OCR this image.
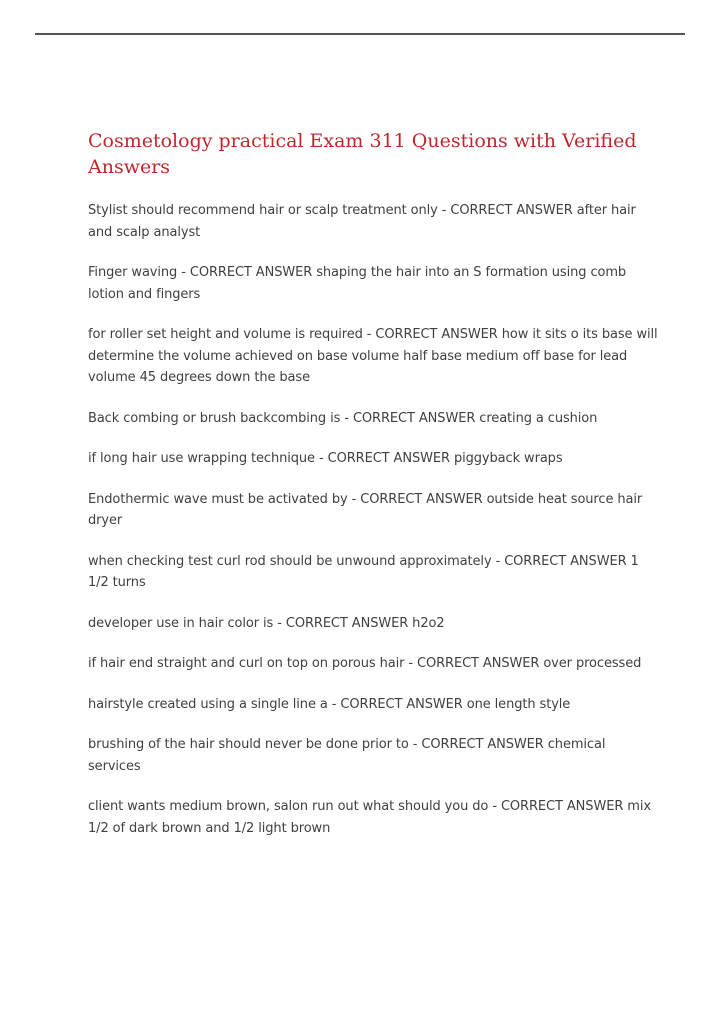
Cosmetology practical Exam 311 Questions with Verified Answers
Stylist should recommend hair or scalp treatment only - CORRECT ANSWER after hair and scalp analyst
Finger waving - CORRECT ANSWER shaping the hair into an S formation using comb lotion and fingers
for roller set height and volume is required - CORRECT ANSWER how it sits o its base will determine the volume achieved on base volume half base medium off base for lead volume 45 degrees down the base
Back combing or brush backcombing is - CORRECT ANSWER creating a cushion
if long hair use wrapping technique - CORRECT ANSWER piggyback wraps
Endothermic wave must be activated by - CORRECT ANSWER outside heat source hair dryer
when checking test curl rod should be unwound approximately - CORRECT ANSWER 1 1/2 turns
developer use in hair color is - CORRECT ANSWER h2o2
if hair end straight and curl on top on porous hair - CORRECT ANSWER over processed
hairstyle created using a single line a - CORRECT ANSWER one length style
brushing of the hair should never be done prior to - CORRECT ANSWER chemical services
client wants medium brown, salon run out what should you do - CORRECT ANSWER mix 1/2 of dark brown and 1/2 light brown
